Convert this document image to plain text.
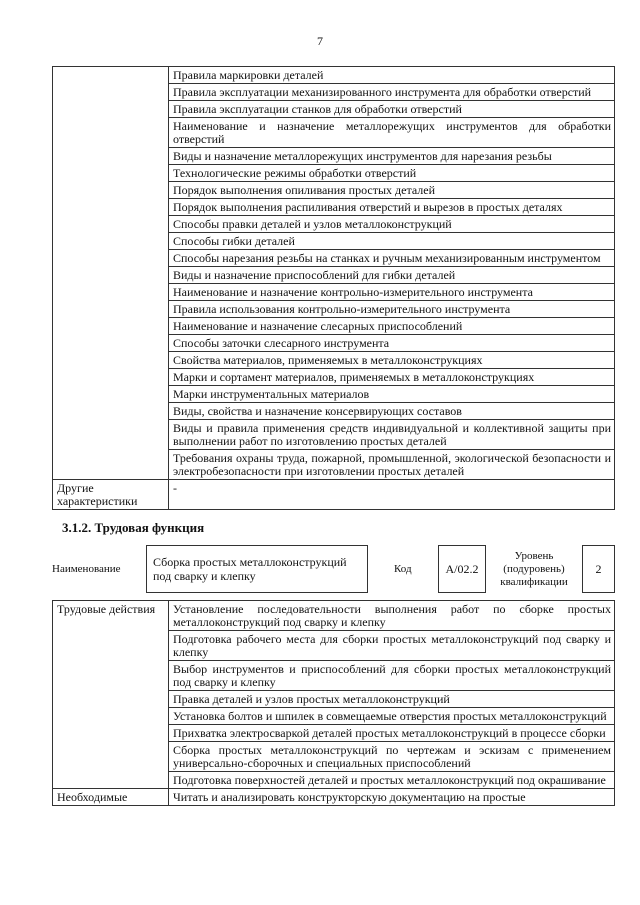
7
	Правила маркировки деталей
	Правила эксплуатации механизированного инструмента для обработки отверстий
	Правила эксплуатации станков для обработки отверстий
	Наименование и назначение металлорежущих инструментов для обработки отверстий
	Виды и назначение металлорежущих инструментов для нарезания резьбы
	Технологические режимы обработки отверстий
	Порядок выполнения опиливания простых деталей
	Порядок выполнения распиливания отверстий и вырезов в простых деталях
	Способы правки деталей и узлов металлоконструкций
	Способы гибки деталей
	Способы нарезания резьбы на станках и ручным механизированным инструментом
	Виды и назначение приспособлений для гибки деталей
	Наименование и назначение контрольно-измерительного инструмента
	Правила использования контрольно-измерительного инструмента
	Наименование и назначение слесарных приспособлений
	Способы заточки слесарного инструмента
	Свойства материалов, применяемых в металлоконструкциях
	Марки и сортамент материалов, применяемых в металлоконструкциях
	Марки инструментальных материалов
	Виды, свойства и назначение консервирующих составов
	Виды и правила применения средств индивидуальной и коллективной защиты при выполнении работ по изготовлению простых деталей
	Требования охраны труда, пожарной, промышленной, экологической безопасности и электробезопасности при изготовлении простых деталей
Другие характеристики	-
3.1.2. Трудовая функция
Наименование		Сборка простых металлоконструкций под сварку и клепку		Код		A/02.2		Уровень (подуровень) квалификации		2
Трудовые действия	Установление последовательности выполнения работ по сборке простых металлоконструкций под сварку и клепку
	Подготовка рабочего места для сборки простых металлоконструкций под сварку и клепку
	Выбор инструментов и приспособлений для сборки простых металлоконструкций под сварку и клепку
	Правка деталей и узлов простых металлоконструкций
	Установка болтов и шпилек в совмещаемые отверстия простых металлоконструкций
	Прихватка электросваркой деталей простых металлоконструкций в процессе сборки
	Сборка простых металлоконструкций по чертежам и эскизам с применением универсально-сборочных и специальных приспособлений
	Подготовка поверхностей деталей и простых металлоконструкций под окрашивание
Необходимые	Читать и анализировать конструкторскую документацию на простые
